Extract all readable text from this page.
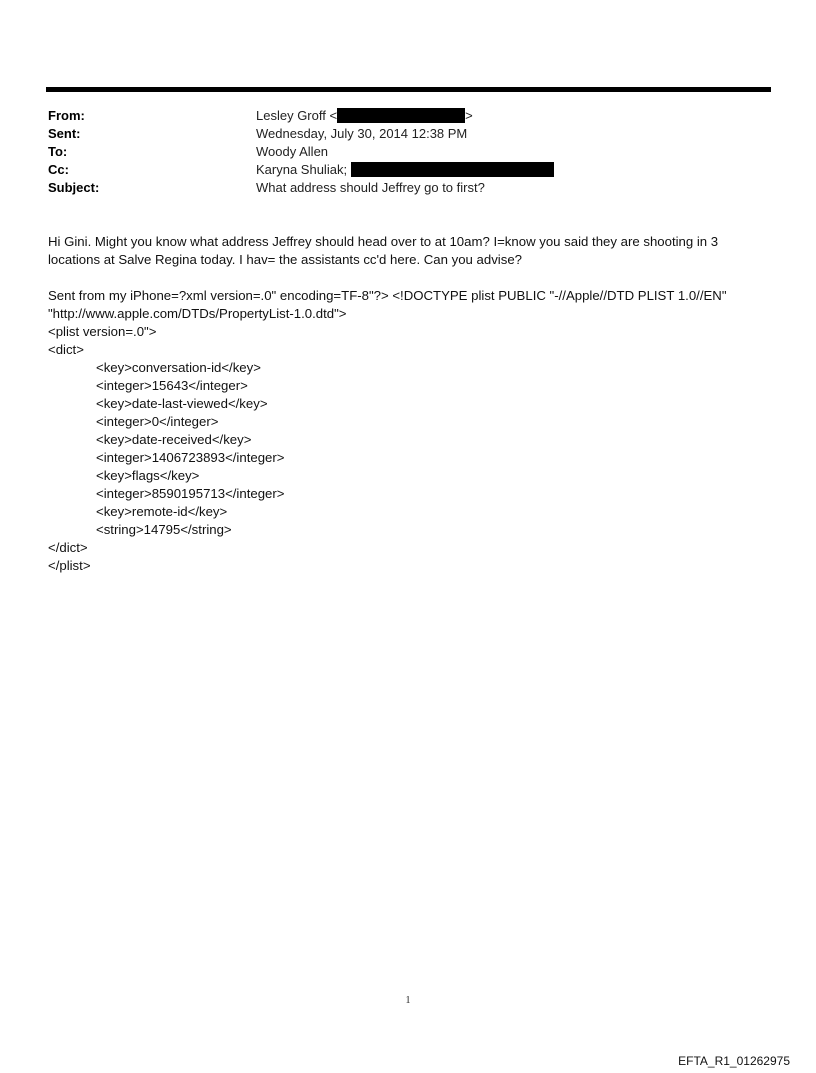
From:	Lesley Groff <	>
Sent:	Wednesday, July 30, 2014 12:38 PM
To:	Woody Allen
Cc:	Karyna Shuliak;
Subject:	What address should Jeffrey go to first?

Hi Gini. Might you know what address Jeffrey should head over to at 10am? I=know you said they are shooting in 3 locations at Salve Regina today. I hav= the assistants cc'd here. Can you advise?

Sent from my iPhone=?xml version=.0" encoding=TF-8"?> <!DOCTYPE plist PUBLIC "-//Apple//DTD PLIST 1.0//EN" "http://www.apple.com/DTDs/PropertyList-1.0.dtd">

<plist version=.0">
<dict>
<key>conversation-id</key>
<integer>15643</integer>
<key>date-last-viewed</key>
<integer>0</integer>
<key>date-received</key>
<integer>1406723893</integer>
<key>flags</key>
<integer>8590195713</integer>
<key>remote-id</key>
<string>14795</string>
</dict>
</plist>
1
EFTA_R1_01262975
